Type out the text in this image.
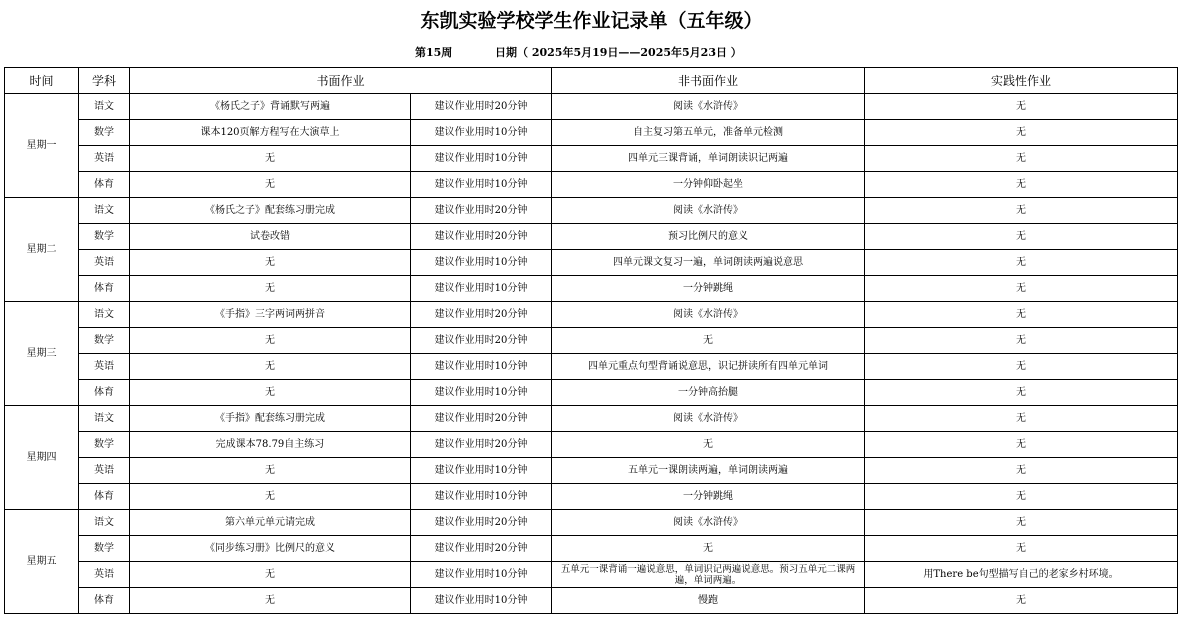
东凯实验学校学生作业记录单（五年级）
第15周	日期（ 2025年5月19日——2025年5月23日 ）
时间	学科	书面作业		非书面作业	实践性作业
星期一	语文	《杨氏之子》背诵默写两遍	建议作业用时20分钟	阅读《水浒传》	无
	数学	课本120页解方程写在大演草上	建议作业用时10分钟	自主复习第五单元，准备单元检测	无
	英语	无	建议作业用时10分钟	四单元三课背诵，单词朗读识记两遍	无
	体育	无	建议作业用时10分钟	一分钟仰卧起坐	无
星期二	语文	《杨氏之子》配套练习册完成	建议作业用时20分钟	阅读《水浒传》	无
	数学	试卷改错	建议作业用时20分钟	预习比例尺的意义	无
	英语	无	建议作业用时10分钟	四单元课文复习一遍，单词朗读两遍说意思	无
	体育	无	建议作业用时10分钟	一分钟跳绳	无
星期三	语文	《手指》三字两词两拼音	建议作业用时20分钟	阅读《水浒传》	无
	数学	无	建议作业用时20分钟	无	无
	英语	无	建议作业用时10分钟	四单元重点句型背诵说意思，识记拼读所有四单元单词	无
	体育	无	建议作业用时10分钟	一分钟高抬腿	无
星期四	语文	《手指》配套练习册完成	建议作业用时20分钟	阅读《水浒传》	无
	数学	完成课本78.79自主练习	建议作业用时20分钟	无	无
	英语	无	建议作业用时10分钟	五单元一课朗读两遍，单词朗读两遍	无
	体育	无	建议作业用时10分钟	一分钟跳绳	无
星期五	语文	第六单元单元请完成	建议作业用时20分钟	阅读《水浒传》	无
	数学	《同步练习册》比例尺的意义	建议作业用时20分钟	无	无
	英语	无	建议作业用时10分钟	五单元一课背诵一遍说意思，单词识记两遍说意思。预习五单元二课两遍，单词两遍。	用There be句型描写自己的老家乡村环境。
	体育	无	建议作业用时10分钟	慢跑	无
